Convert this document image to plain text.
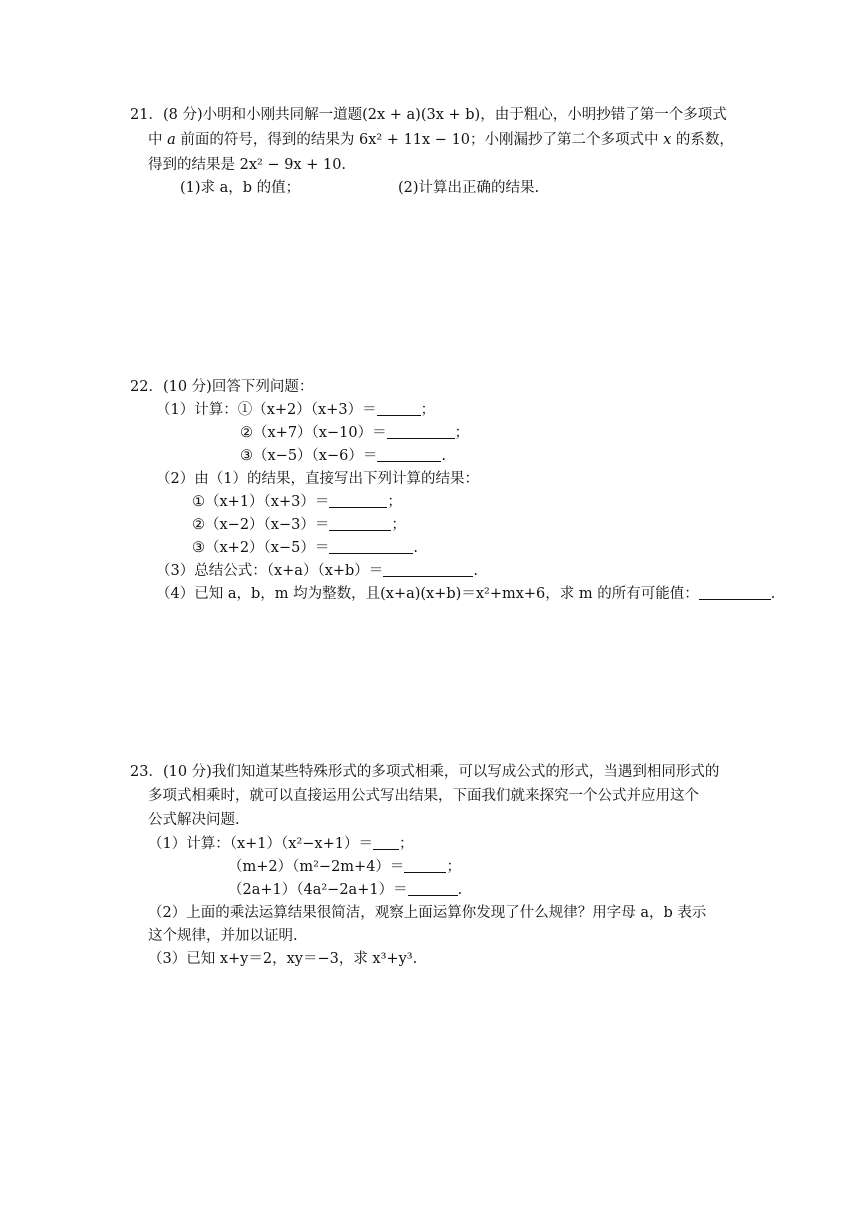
21．(8 分)小明和小刚共同解一道题(2x + a)(3x + b)，由于粗心，小明抄错了第一个多项式
中 a 前面的符号，得到的结果为 6x² + 11x − 10；小刚漏抄了第二个多项式中 x 的系数，
得到的结果是 2x² − 9x + 10.
(1)求 a，b 的值；	(2)计算出正确的结果.
22．(10 分)回答下列问题：
（1）计算：①（x+2）（x+3）＝	；
②（x+7）（x−10）＝	；
③（x−5）（x−6）＝	.
（2）由（1）的结果，直接写出下列计算的结果：
①（x+1）（x+3）＝	；
②（x−2）（x−3）＝	；
③（x+2）（x−5）＝	.
（3）总结公式：（x+a）（x+b）＝	.
（4）已知 a，b，m 均为整数，且(x+a)(x+b)＝x²+mx+6，求 m 的所有可能值：	.
23．(10 分)我们知道某些特殊形式的多项式相乘，可以写成公式的形式，当遇到相同形式的
多项式相乘时，就可以直接运用公式写出结果，下面我们就来探究一个公式并应用这个
公式解决问题.
（1）计算：（x+1）（x²−x+1）＝ ；
（m+2）（m²−2m+4）＝	；
（2a+1）（4a²−2a+1）＝	.
（2）上面的乘法运算结果很简洁，观察上面运算你发现了什么规律？用字母 a，b 表示
这个规律，并加以证明.
（3）已知 x+y＝2，xy＝−3，求 x³+y³.
